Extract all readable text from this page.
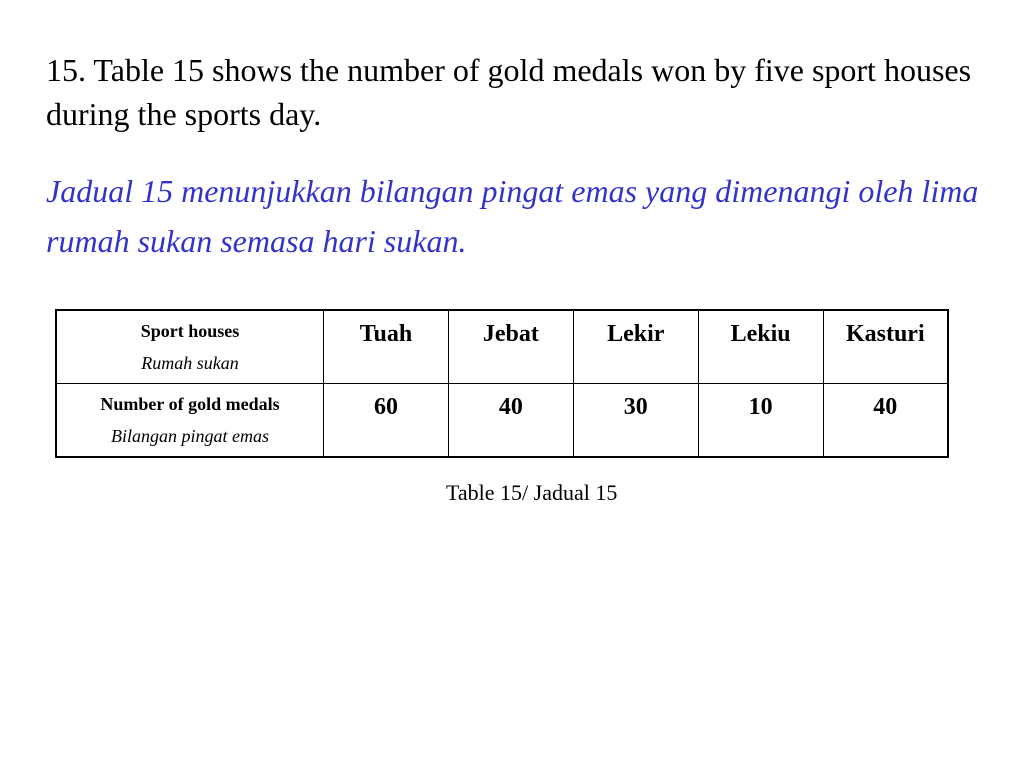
15. Table 15 shows the number of gold medals won by five sport houses during the sports day.

Jadual 15 menunjukkan bilangan pingat emas yang dimenangi oleh lima rumah sukan semasa hari sukan.

Sport houses
Rumah sukan	Tuah	Jebat	Lekir	Lekiu	Kasturi

Number of gold medals
Bilangan pingat emas	60	40	30	10	40

Table 15/ Jadual 15
